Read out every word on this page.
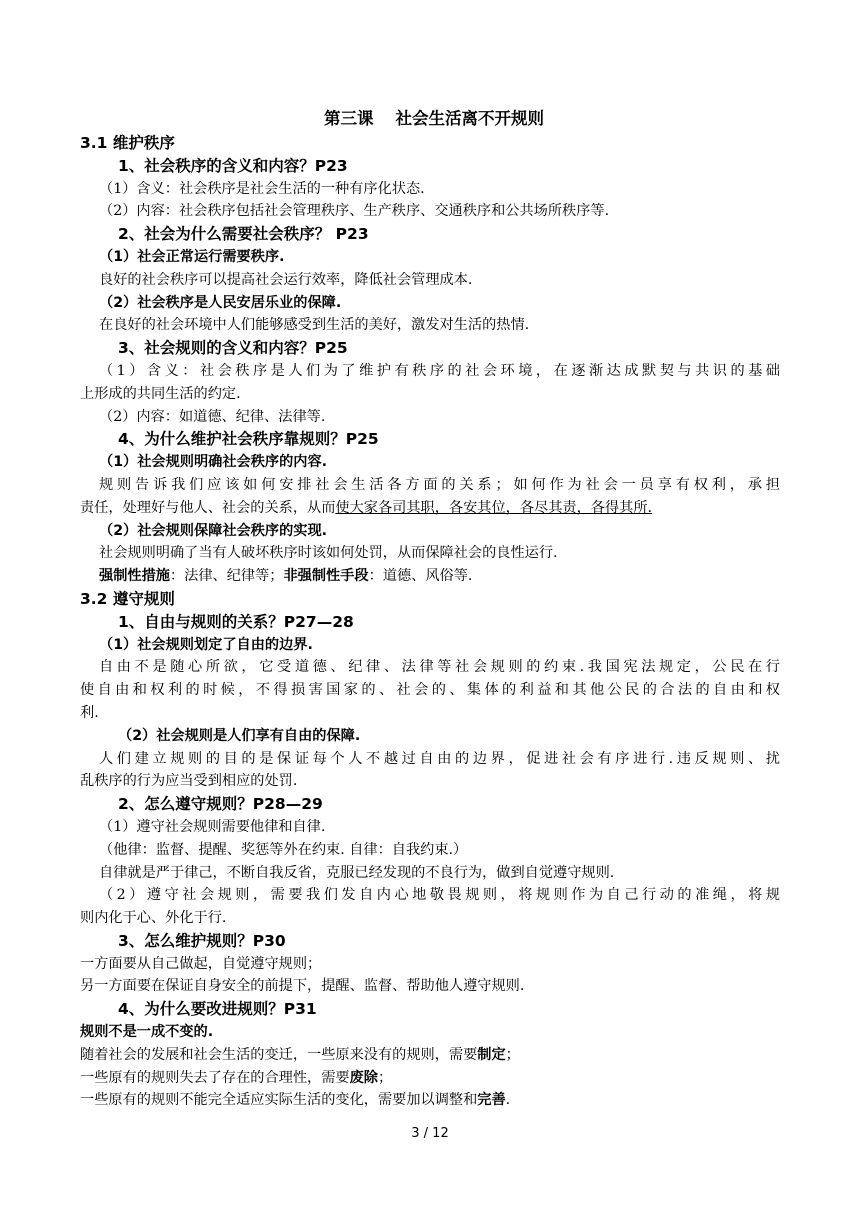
第三课 社会生活离不开规则
3.1 维护秩序
1、社会秩序的含义和内容？P23
（1）含义：社会秩序是社会生活的一种有序化状态.
（2）内容：社会秩序包括社会管理秩序、生产秩序、交通秩序和公共场所秩序等.
2、社会为什么需要社会秩序？ P23
（1）社会正常运行需要秩序.
良好的社会秩序可以提高社会运行效率，降低社会管理成本.
（2）社会秩序是人民安居乐业的保障.
在良好的社会环境中人们能够感受到生活的美好，激发对生活的热情.
3、社会规则的含义和内容？P25
（1）含义：社会秩序是人们为了维护有秩序的社会环境，在逐渐达成默契与共识的基础
上形成的共同生活的约定.
（2）内容：如道德、纪律、法律等.
4、为什么维护社会秩序靠规则？P25
（1）社会规则明确社会秩序的内容.
规则告诉我们应该如何安排社会生活各方面的关系；如何作为社会一员享有权利，承担
责任，处理好与他人、社会的关系，从而使大家各司其职，各安其位，各尽其责，各得其所.
（2）社会规则保障社会秩序的实现.
社会规则明确了当有人破坏秩序时该如何处罚，从而保障社会的良性运行.
强制性措施：法律、纪律等；非强制性手段：道德、风俗等.
3.2 遵守规则
1、自由与规则的关系？P27—28
（1）社会规则划定了自由的边界.
自由不是随心所欲，它受道德、纪律、法律等社会规则的约束.我国宪法规定，公民在行
使自由和权利的时候，不得损害国家的、社会的、集体的利益和其他公民的合法的自由和权
利.
（2）社会规则是人们享有自由的保障.
人们建立规则的目的是保证每个人不越过自由的边界，促进社会有序进行.违反规则、扰
乱秩序的行为应当受到相应的处罚.
2、怎么遵守规则？P28—29
（1）遵守社会规则需要他律和自律.
（他律：监督、提醒、奖惩等外在约束. 自律：自我约束.）
自律就是严于律己，不断自我反省，克服已经发现的不良行为，做到自觉遵守规则.
（2）遵守社会规则，需要我们发自内心地敬畏规则，将规则作为自己行动的准绳，将规
则内化于心、外化于行.
3、怎么维护规则？P30
一方面要从自己做起，自觉遵守规则；
另一方面要在保证自身安全的前提下，提醒、监督、帮助他人遵守规则.
4、为什么要改进规则？P31
规则不是一成不变的.
随着社会的发展和社会生活的变迁，一些原来没有的规则，需要制定；
一些原有的规则失去了存在的合理性，需要废除；
一些原有的规则不能完全适应实际生活的变化，需要加以调整和完善.
3 / 12
